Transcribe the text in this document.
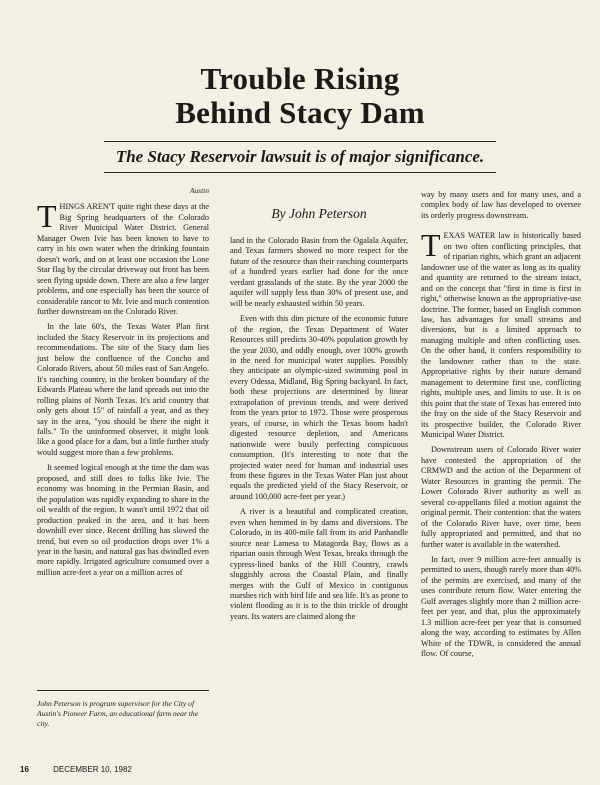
Trouble Rising
Behind Stacy Dam
The Stacy Reservoir lawsuit is of major significance.
Austin

THINGS AREN'T quite right these days at the Big Spring headquarters of the Colorado River Municipal Water District. General Manager Owen Ivie has been known to have to carry in his own water when the drinking fountain doesn't work, and on at least one occasion the Lone Star flag by the circular driveway out front has been seen flying upside down. There are also a few larger problems, and one especially has been the source of considerable rancor to Mr. Ivie and much contention further downstream on the Colorado River.

In the late 60's, the Texas Water Plan first included the Stacy Reservoir in its projections and recommendations. The site of the Stacy dam lies just below the confluence of the Concho and Colorado Rivers, about 50 miles east of San Angelo. It's ranching country, in the broken boundary of the Edwards Plateau where the land spreads out into the rolling plains of North Texas. It's arid country that only gets about 15" of rainfall a year, and as they say in the area, "you should be there the night it falls." To the uninformed observer, it might look like a good place for a dam, but a little further study would suggest more than a few problems.

It seemed logical enough at the time the dam was proposed, and still does to folks like Ivie. The economy was booming in the Permian Basin, and the population was rapidly expanding to share in the oil wealth of the region. It wasn't until 1972 that oil production peaked in the area, and it has been downhill ever since. Recent drilling has slowed the trend, but even so oil production drops over 1% a year in the basin, and natural gas has dwindled even more rapidly. Irrigated agriculture consumed over a million acre-feet a year on a million acres of

John Peterson is program supervisor for the City of Austin's Pioneer Farm, an educational farm near the city.
By John Peterson

land in the Colorado Basin from the Ogalala Aquifer, and Texas farmers showed no more respect for the future of the resource than their ranching counterparts of a hundred years earlier had done for the once verdant grasslands of the state. By the year 2000 the aquifer will supply less than 30% of present use, and will be nearly exhausted within 50 years.

Even with this dim picture of the economic future of the region, the Texas Department of Water Resources still predicts 30-40% population growth by the year 2030, and oddly enough, over 100% growth in the need for municipal water supplies. Possibly they anticipate an olympic-sized swimming pool in every Odessa, Midland, Big Spring backyard. In fact, both these projections are determined by linear extrapolation of previous trends, and were derived from the years prior to 1972. Those were prosperous years, of course, in which the Texas boom hadn't digested resource depletion, and Americans nationwide were busily perfecting conspicuous consumption. (It's interesting to note that the projected water need for human and industrial uses from these figures in the Texas Water Plan just about equals the predicted yield of the Stacy Reservoir, or around 100,000 acre-feet per year.)

A river is a beautiful and complicated creation, even when hemmed in by dams and diversions. The Colorado, in its 400-mile fall from its arid Panhandle source near Lamesa to Matagorda Bay, flows as a riparian oasis through West Texas, breaks through the cypress-lined banks of the Hill Country, crawls sluggishly across the Coastal Plain, and finally merges with the Gulf of Mexico in contiguous marshes rich with bird life and sea life. It's as prone to violent flooding as it is to the thin trickle of drought years. Its waters are claimed along the

way by many users and for many uses, and a complex body of law has developed to oversee its orderly progress downstream.

TEXAS WATER law is historically based on two often conflicting principles, that of riparian rights, which grant an adjacent landowner use of the water as long as its quality and quantity are returned to the stream intact, and on the concept that "first in time is first in right," otherwise known as the appropriative-use doctrine. The former, based on English common law, has advantages for small streams and diversions, but is a limited approach to managing multiple and often conflicting uses. On the other hand, it confers responsibility to the landowner rather than to the state. Appropriative rights by their nature demand management to determine first use, conflicting rights, multiple uses, and limits to use. It is on this point that the state of Texas has entered into the fray on the side of the Stacy Reservoir and its prospective builder, the Colorado River Municipal Water District.

Downstream users of Colorado River water have contested the appropriation of the CRMWD and the action of the Department of Water Resources in granting the permit. The Lower Colorado River authority as well as several co-appellants filed a motion against the original permit. Their contention: that the waters of the Colorado River have, over time, been fully appropriated and permitted, and that no further water is available in the watershed.

In fact, over 9 million acre-feet annually is permitted to users, though rarely more than 40% of the permits are exercised, and many of the uses contribute return flow. Water entering the Gulf averages slightly more than 2 million acre-feet per year, and that, plus the approximately 1.3 million acre-feet per year that is consumed along the way, according to estimates by Allen White of the TDWR, is considered the annual flow. Of course,

16	DECEMBER 10, 1982
